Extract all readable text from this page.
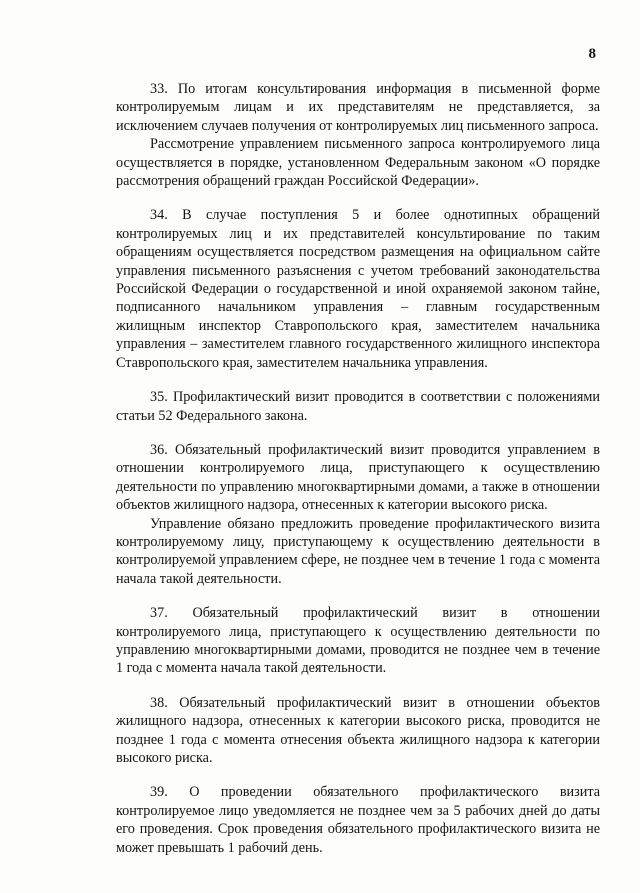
8

33. По итогам консультирования информация в письменной форме контролируемым лицам и их представителям не представляется, за исключением случаев получения от контролируемых лиц письменного запроса.

Рассмотрение управлением письменного запроса контролируемого лица осуществляется в порядке, установленном Федеральным законом «О порядке рассмотрения обращений граждан Российской Федерации».

34. В случае поступления 5 и более однотипных обращений контролируемых лиц и их представителей консультирование по таким обращениям осуществляется посредством размещения на официальном сайте управления письменного разъяснения с учетом требований законодательства Российской Федерации о государственной и иной охраняемой законом тайне, подписанного начальником управления – главным государственным жилищным инспектор Ставропольского края, заместителем начальника управления – заместителем главного государственного жилищного инспектора Ставропольского края, заместителем начальника управления.

35. Профилактический визит проводится в соответствии с положениями статьи 52 Федерального закона.

36. Обязательный профилактический визит проводится управлением в отношении контролируемого лица, приступающего к осуществлению деятельности по управлению многоквартирными домами, а также в отношении объектов жилищного надзора, отнесенных к категории высокого риска.

Управление обязано предложить проведение профилактического визита контролируемому лицу, приступающему к осуществлению деятельности в контролируемой управлением сфере, не позднее чем в течение 1 года с момента начала такой деятельности.

37. Обязательный профилактический визит в отношении контролируемого лица, приступающего к осуществлению деятельности по управлению многоквартирными домами, проводится не позднее чем в течение 1 года с момента начала такой деятельности.

38. Обязательный профилактический визит в отношении объектов жилищного надзора, отнесенных к категории высокого риска, проводится не позднее 1 года с момента отнесения объекта жилищного надзора к категории высокого риска.

39. О проведении обязательного профилактического визита контролируемое лицо уведомляется не позднее чем за 5 рабочих дней до даты его проведения. Срок проведения обязательного профилактического визита не может превышать 1 рабочий день.
